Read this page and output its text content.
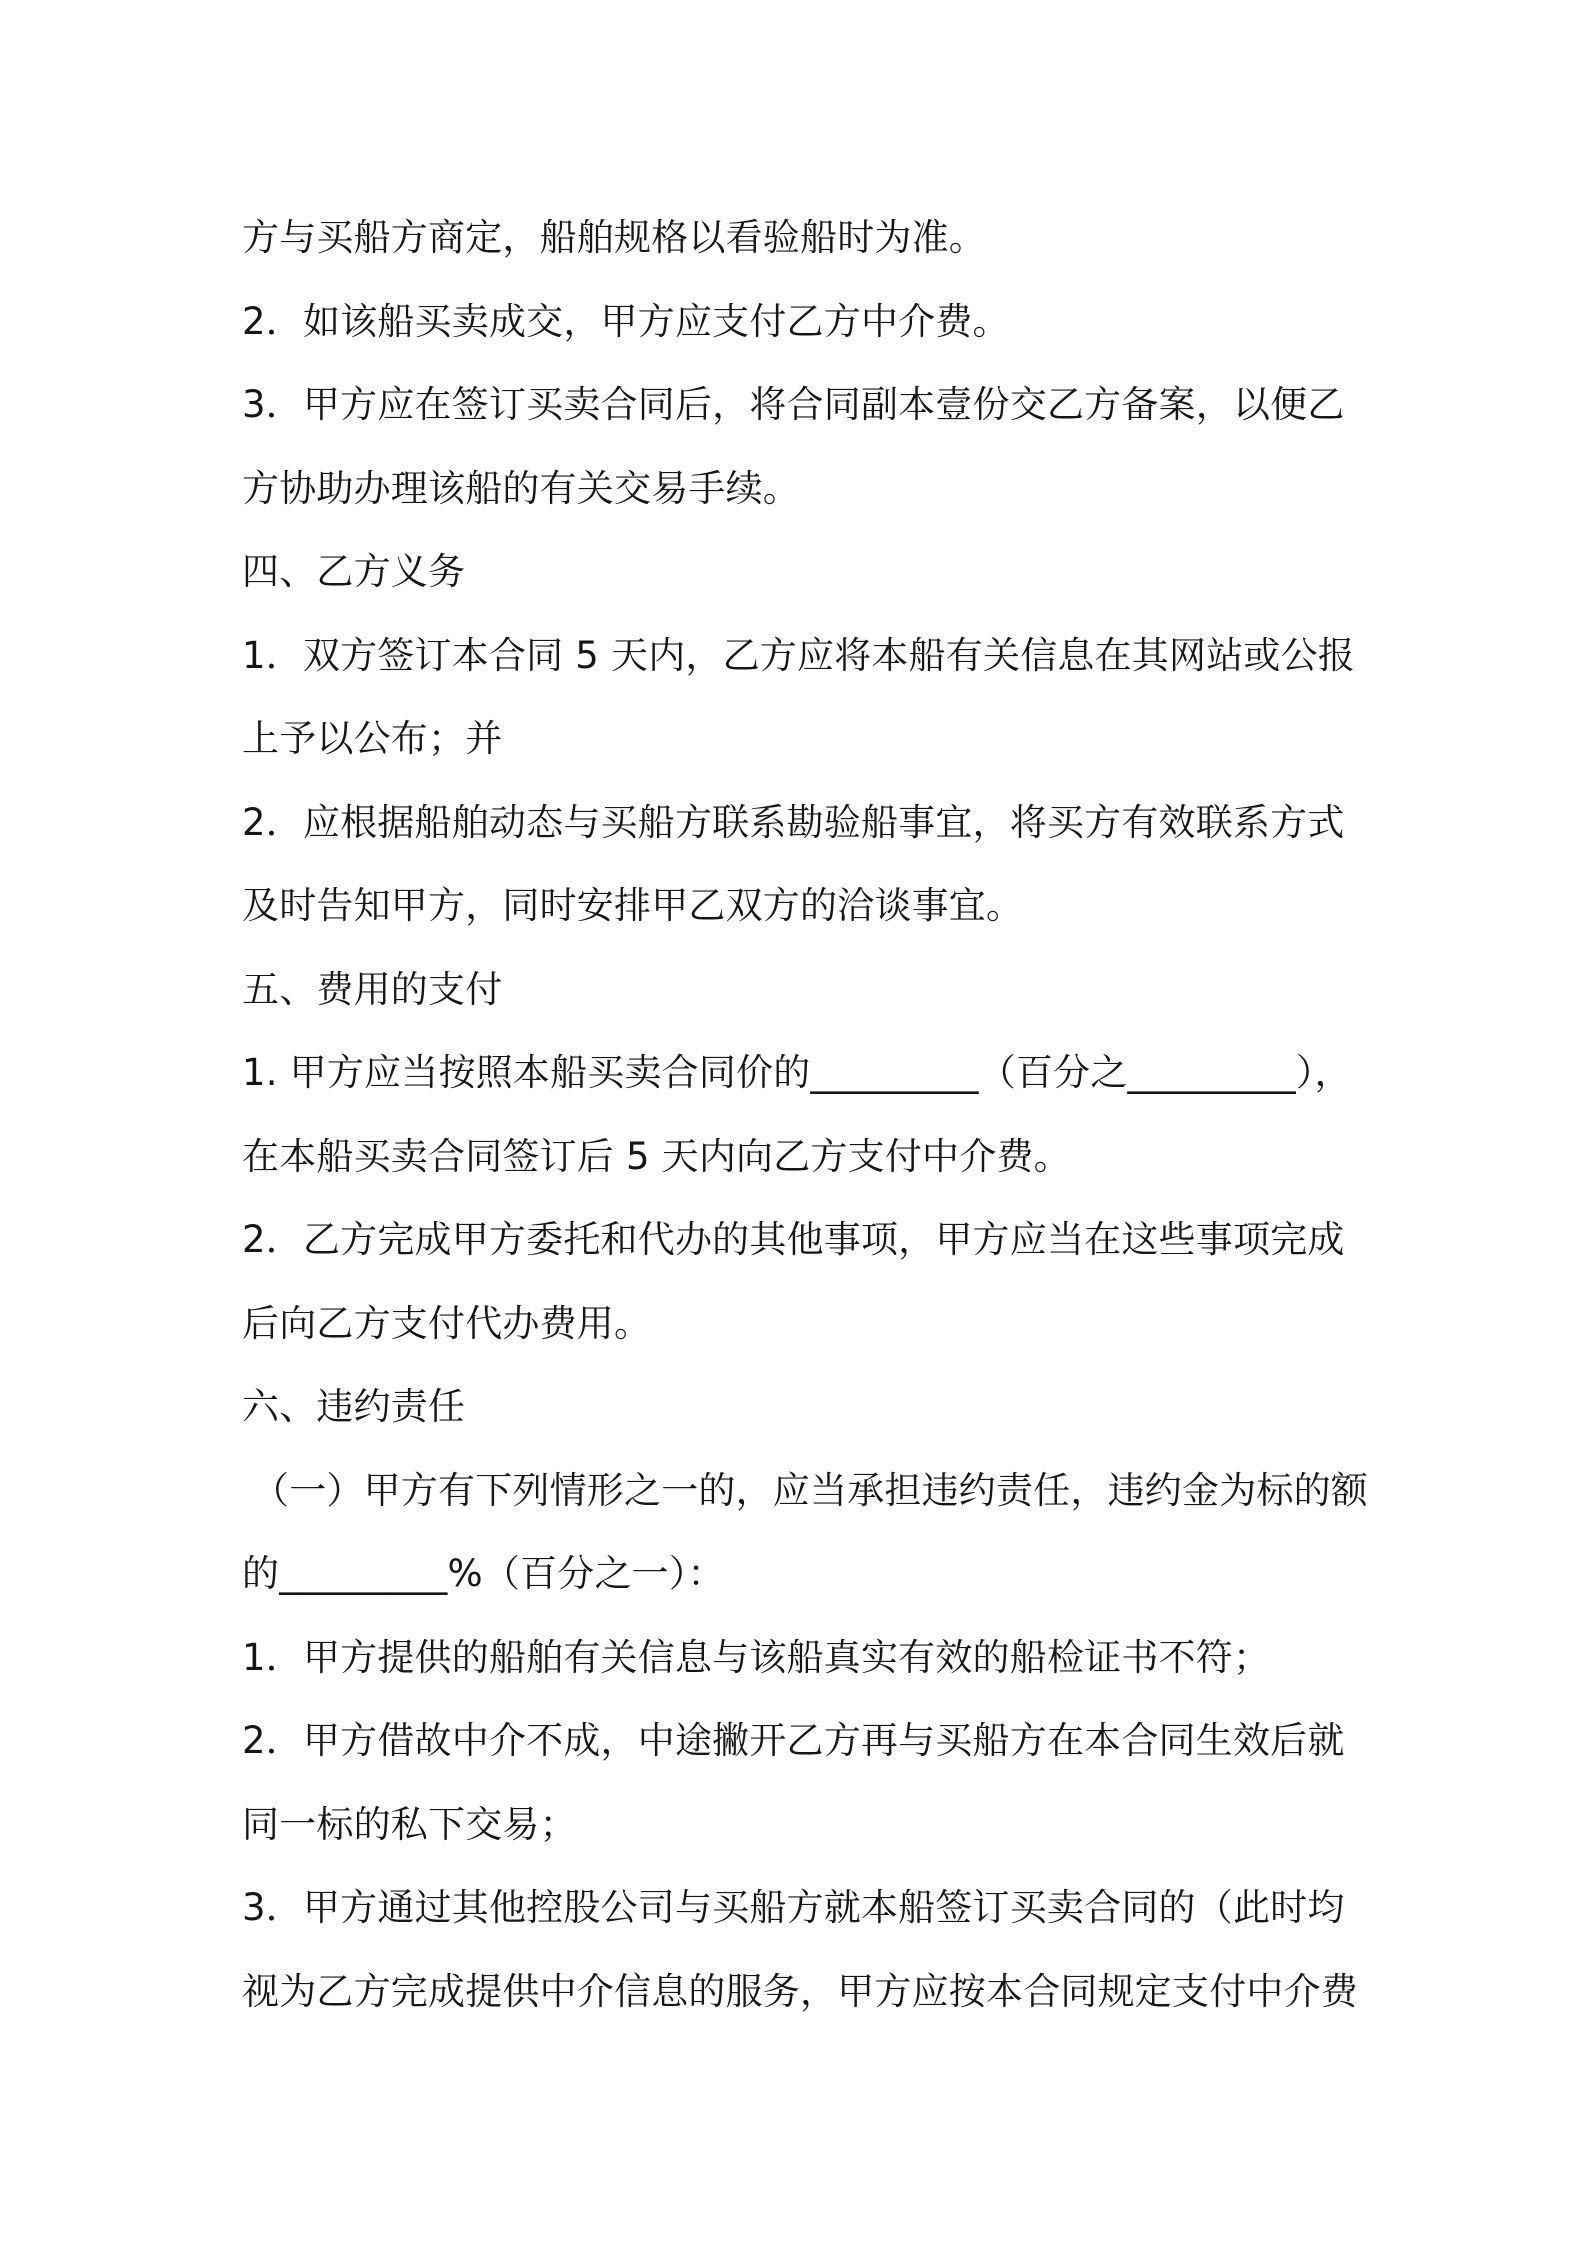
方与买船方商定，船舶规格以看验船时为准。
2．如该船买卖成交，甲方应支付乙方中介费。
3．甲方应在签订买卖合同后，将合同副本壹份交乙方备案，以便乙
方协助办理该船的有关交易手续。
四、乙方义务
1．双方签订本合同 5 天内，乙方应将本船有关信息在其网站或公报
上予以公布；并
2．应根据船舶动态与买船方联系勘验船事宜，将买方有效联系方式
及时告知甲方，同时安排甲乙双方的洽谈事宜。
五、费用的支付
1. 甲方应当按照本船买卖合同价的_________（百分之_________），
在本船买卖合同签订后 5 天内向乙方支付中介费。
2．乙方完成甲方委托和代办的其他事项，甲方应当在这些事项完成
后向乙方支付代办费用。
六、违约责任
（一）甲方有下列情形之一的，应当承担违约责任，违约金为标的额
的_________%（百分之一）：
1．甲方提供的船舶有关信息与该船真实有效的船检证书不符；
2．甲方借故中介不成，中途撇开乙方再与买船方在本合同生效后就
同一标的私下交易；
3．甲方通过其他控股公司与买船方就本船签订买卖合同的（此时均
视为乙方完成提供中介信息的服务，甲方应按本合同规定支付中介费
